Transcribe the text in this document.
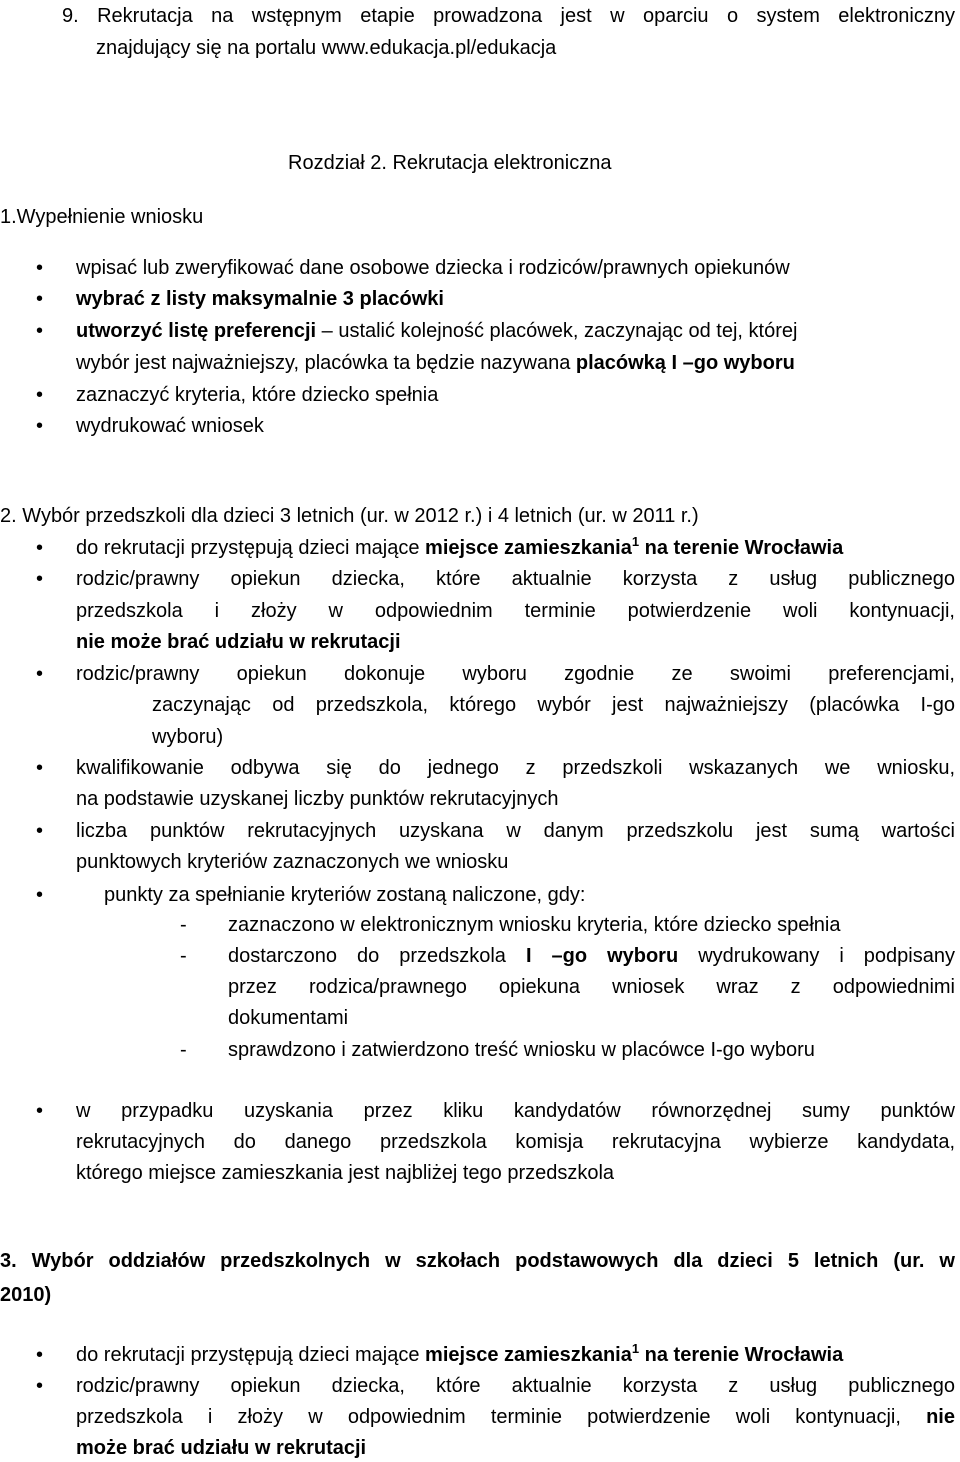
9. Rekrutacja na wstępnym etapie prowadzona jest w oparciu o system elektroniczny
znajdujący się na portalu www.edukacja.pl/edukacja
Rozdział 2. Rekrutacja elektroniczna
1.Wypełnienie wniosku
• wpisać lub zweryfikować dane osobowe dziecka i rodziców/prawnych opiekunów
• wybrać z listy maksymalnie 3 placówki
• utworzyć listę preferencji – ustalić kolejność placówek, zaczynając od tej, której
wybór jest najważniejszy, placówka ta będzie nazywana placówką I –go wyboru
• zaznaczyć kryteria, które dziecko spełnia
• wydrukować wniosek
2. Wybór przedszkoli dla dzieci 3 letnich (ur. w 2012 r.) i 4 letnich (ur. w 2011 r.)
• do rekrutacji przystępują dzieci mające miejsce zamieszkania$^1$ na terenie Wrocławia
• rodzic/prawny opiekun dziecka, które aktualnie korzysta z usług publicznego
przedszkola i złoży w odpowiednim terminie potwierdzenie woli kontynuacji,
nie może brać udziału w rekrutacji
• rodzic/prawny opiekun dokonuje wyboru zgodnie ze swoimi preferencjami,
zaczynając od przedszkola, którego wybór jest najważniejszy (placówka I-go
wyboru)
• kwalifikowanie odbywa się do jednego z przedszkoli wskazanych we wniosku,
na podstawie uzyskanej liczby punktów rekrutacyjnych
• liczba punktów rekrutacyjnych uzyskana w danym przedszkolu jest sumą wartości
punktowych kryteriów zaznaczonych we wniosku
•	punkty za spełnianie kryteriów zostaną naliczone, gdy:
- zaznaczono w elektronicznym wniosku kryteria, które dziecko spełnia
- dostarczono do przedszkola I –go wyboru wydrukowany i podpisany
przez rodzica/prawnego opiekuna wniosek wraz z odpowiednimi
dokumentami
- sprawdzono i zatwierdzono treść wniosku w placówce I-go wyboru
• w przypadku uzyskania przez kliku kandydatów równorzędnej sumy punktów
rekrutacyjnych do danego przedszkola komisja rekrutacyjna wybierze kandydata,
którego miejsce zamieszkania jest najbliżej tego przedszkola
3. Wybór oddziałów przedszkolnych w szkołach podstawowych dla dzieci 5 letnich (ur. w
2010)
• do rekrutacji przystępują dzieci mające miejsce zamieszkania$^1$ na terenie Wrocławia
• rodzic/prawny opiekun dziecka, które aktualnie korzysta z usług publicznego
przedszkola i złoży w odpowiednim terminie potwierdzenie woli kontynuacji, nie
może brać udziału w rekrutacji
